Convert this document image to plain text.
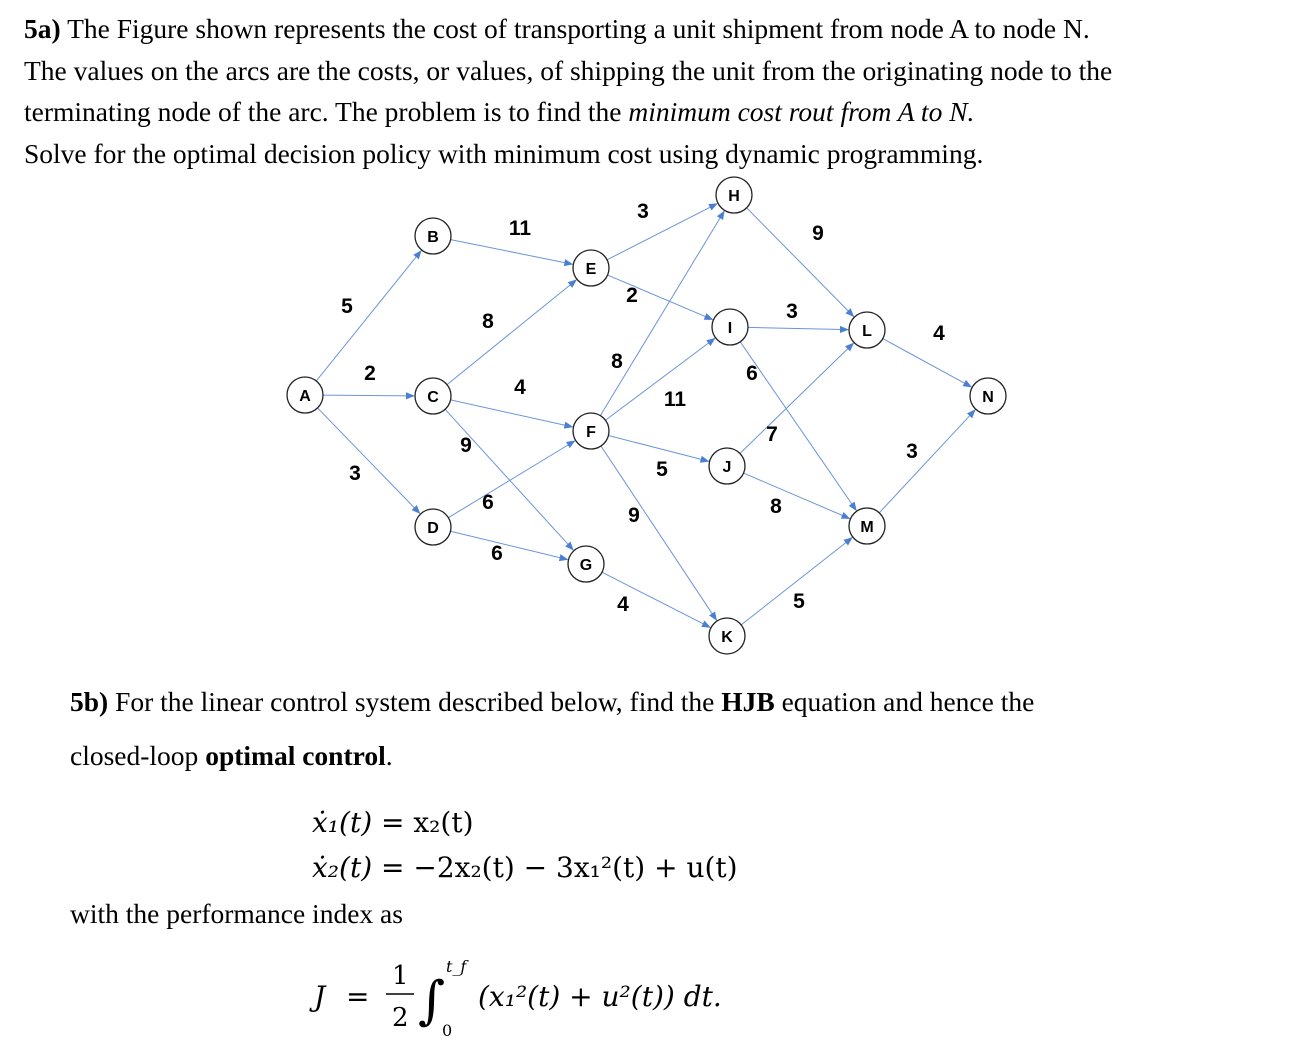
5a) The Figure shown represents the cost of transporting a unit shipment from node A to node N.
The values on the arcs are the costs, or values, of shipping the unit from the originating node to the
terminating node of the arc. The problem is to find the minimum cost rout from A to N.
Solve for the optimal decision policy with minimum cost using dynamic programming.
5
2
3
11
8
4
9
6
6
3
2
8
11
5
9
4
9
3
6
7
8
5
4
3
A
B
C
D
E
F
G
H
I
J
K
L
M
N
5b) For the linear control system described below, find the HJB equation and hence the
closed-loop optimal control.
ẋ₁(t) = x₂(t)
ẋ₂(t) = −2x₂(t) − 3x₁²(t) + u(t)
with the performance index as
J =
1
2 ∫
t_f
0
(x₁²(t) + u²(t)) dt.
